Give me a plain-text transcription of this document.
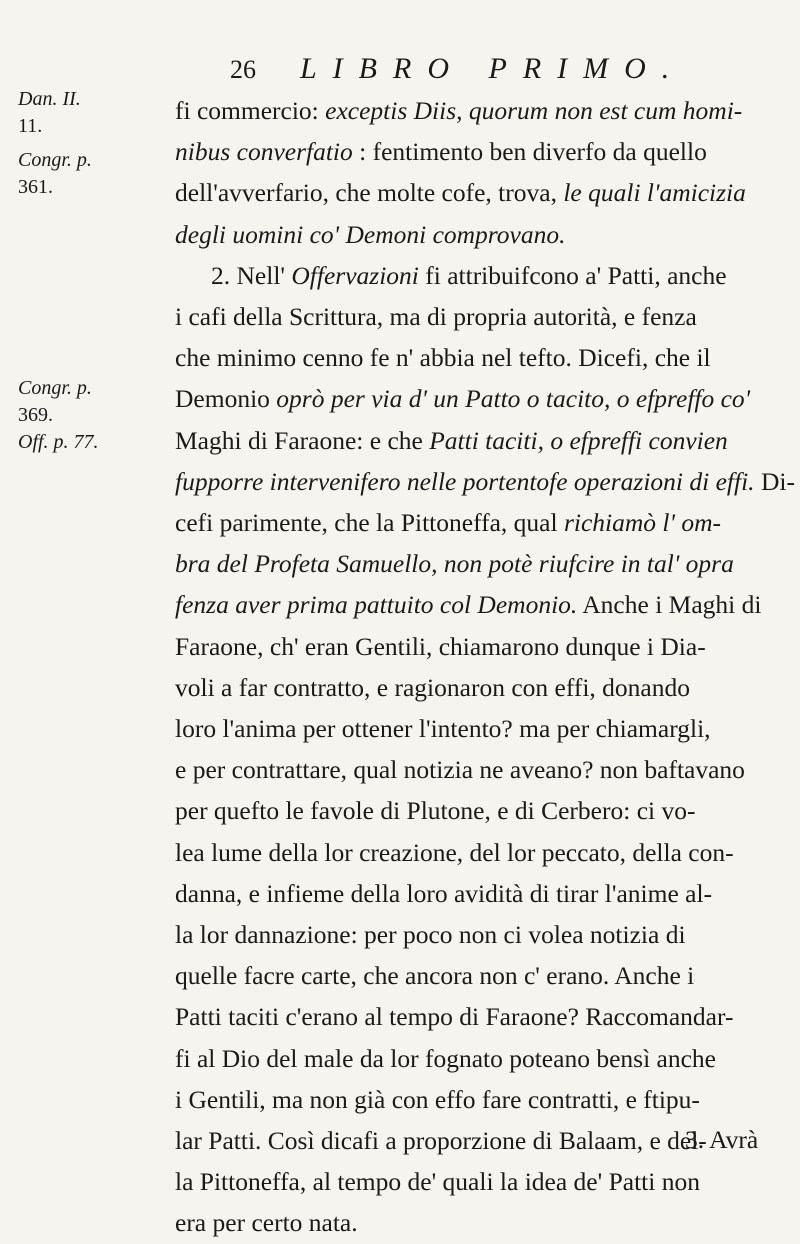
26	LIBRO PRIMO.
Dan. II.
11.
Congr. p.
361.
Congr. p.
369.
Off. p. 77.
fi commercio: exceptis Diis, quorum non est cum homi-
nibus converfatio : fentimento ben diverfo da quello
dell'avverfario, che molte cofe, trova, le quali l'amicizia
degli uomini co' Demoni comprovano.
2. Nell' Offervazioni fi attribuifcono a' Patti, anche
i cafi della Scrittura, ma di propria autorità, e fenza
che minimo cenno fe n' abbia nel tefto. Dicefi, che il
Demonio oprò per via d' un Patto o tacito, o efpreffo co'
Maghi di Faraone: e che Patti taciti, o efpreffi convien
fupporre intervenifero nelle portentofe operazioni di effi. Di-
cefi parimente, che la Pittoneffa, qual richiamò l' om-
bra del Profeta Samuello, non potè riufcire in tal' opra
fenza aver prima pattuito col Demonio. Anche i Maghi di
Faraone, ch' eran Gentili, chiamarono dunque i Dia-
voli a far contratto, e ragionaron con effi, donando
loro l'anima per ottener l'intento? ma per chiamargli,
e per contrattare, qual notizia ne aveano? non baftavano
per quefto le favole di Plutone, e di Cerbero: ci vo-
lea lume della lor creazione, del lor peccato, della con-
danna, e infieme della loro avidità di tirar l'anime al-
la lor dannazione: per poco non ci volea notizia di
quelle facre carte, che ancora non c' erano. Anche i
Patti taciti c'erano al tempo di Faraone? Raccomandar-
fi al Dio del male da lor fognato poteano bensì anche
i Gentili, ma non già con effo fare contratti, e ftipu-
lar Patti. Così dicafi a proporzione di Balaam, e del-
la Pittoneffa, al tempo de' quali la idea de' Patti non
era per certo nata.
3. Avrà
